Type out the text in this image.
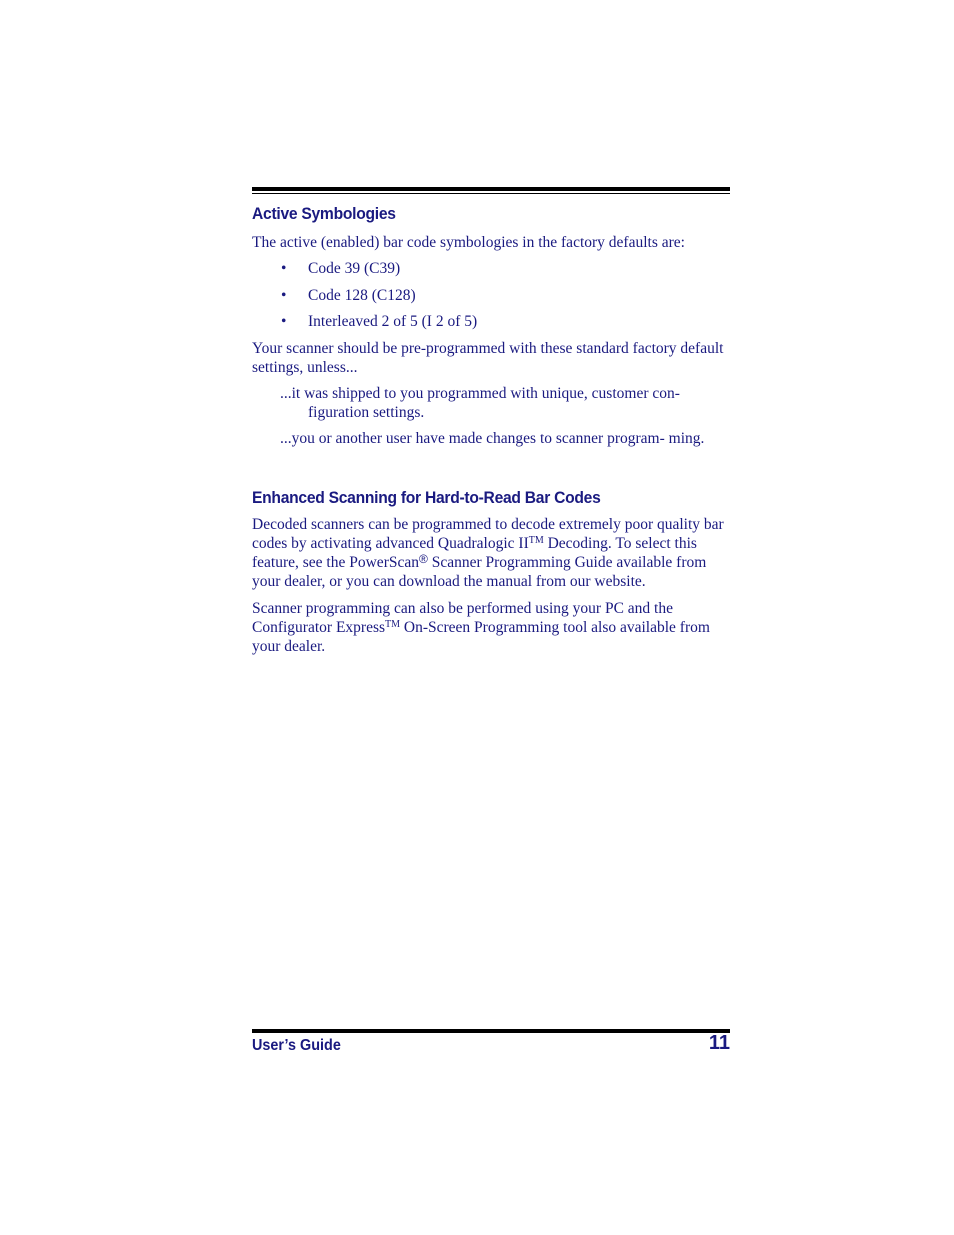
Active Symbologies

The active (enabled) bar code symbologies in the factory defaults are:

• Code 39 (C39)
• Code 128 (C128)
• Interleaved 2 of 5 (I 2 of 5)

Your scanner should be pre-programmed with these standard factory default settings, unless...

...it was shipped to you programmed with unique, customer con- figuration settings.

...you or another user have made changes to scanner program- ming.

Enhanced Scanning for Hard-to-Read Bar Codes

Decoded scanners can be programmed to decode extremely poor quality bar codes by activating advanced Quadralogic II™ Decoding. To select this feature, see the PowerScan® Scanner Programming Guide available from your dealer, or you can download the manual from our website.

Scanner programming can also be performed using your PC and the Configurator Express™ On-Screen Programming tool also available from your dealer.

User’s Guide	11
